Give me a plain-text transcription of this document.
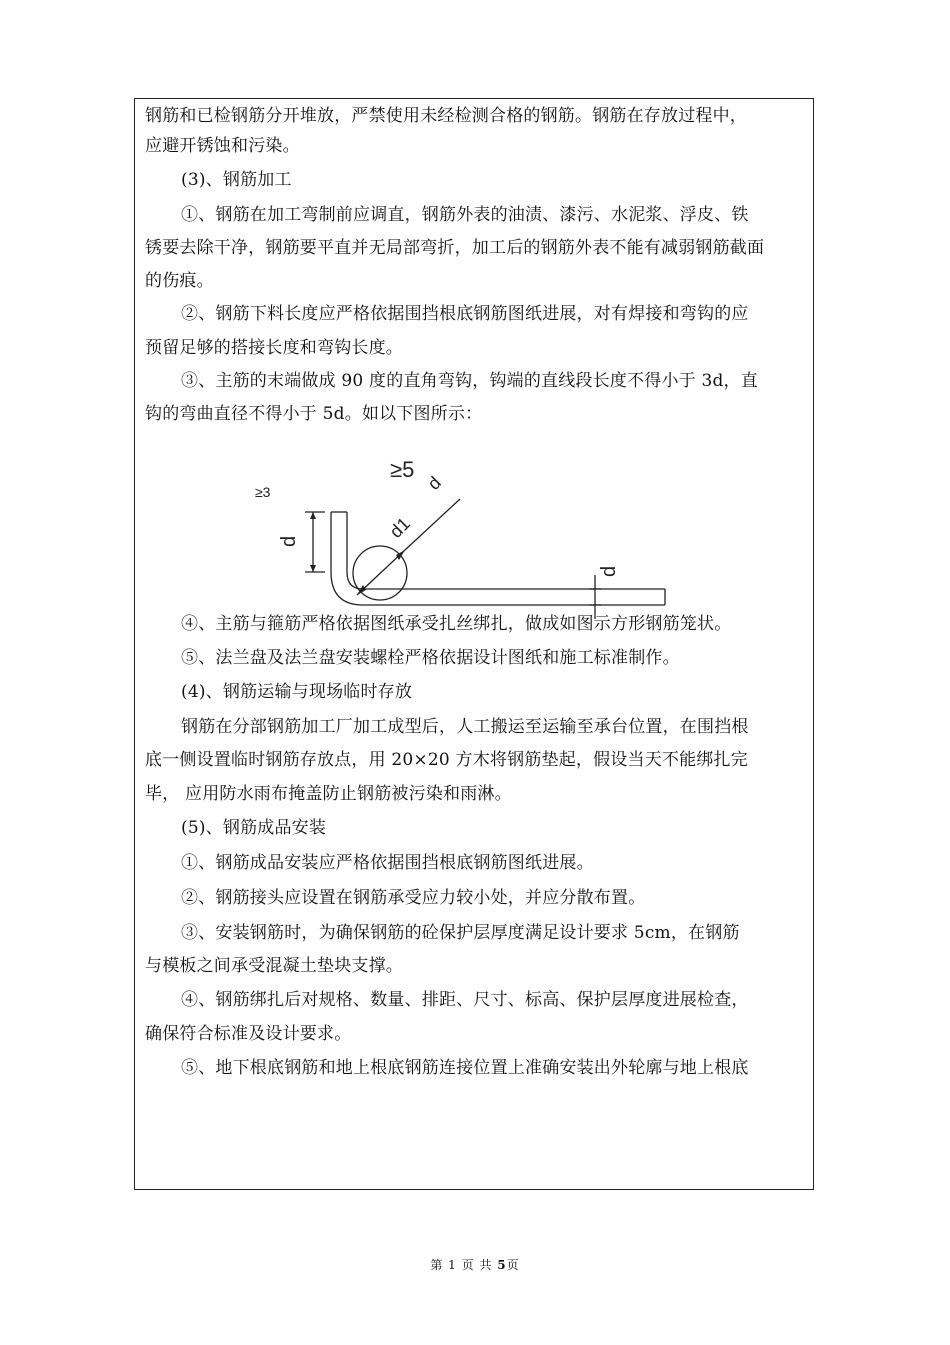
钢筋和已检钢筋分开堆放，严禁使用未经检测合格的钢筋。钢筋在存放过程中，
应避开锈蚀和污染。
(3)、钢筋加工
①、钢筋在加工弯制前应调直，钢筋外表的油渍、漆污、水泥浆、浮皮、铁
锈要去除干净，钢筋要平直并无局部弯折，加工后的钢筋外表不能有减弱钢筋截面
的伤痕。
②、钢筋下料长度应严格依据围挡根底钢筋图纸进展，对有焊接和弯钩的应
预留足够的搭接长度和弯钩长度。
③、主筋的末端做成 90 度的直角弯钩，钩端的直线段长度不得小于 3d，直
钩的弯曲直径不得小于 5d。如以下图所示：
≥5
≥3	d
d1
d
d
④、主筋与箍筋严格依据图纸承受扎丝绑扎，做成如图示方形钢筋笼状。
⑤、法兰盘及法兰盘安装螺栓严格依据设计图纸和施工标准制作。
(4)、钢筋运输与现场临时存放
钢筋在分部钢筋加工厂加工成型后，人工搬运至运输至承台位置，在围挡根
底一侧设置临时钢筋存放点，用 20×20 方木将钢筋垫起，假设当天不能绑扎完
毕， 应用防水雨布掩盖防止钢筋被污染和雨淋。
(5)、钢筋成品安装
①、钢筋成品安装应严格依据围挡根底钢筋图纸进展。
②、钢筋接头应设置在钢筋承受应力较小处，并应分散布置。
③、安装钢筋时，为确保钢筋的砼保护层厚度满足设计要求 5cm，在钢筋
与模板之间承受混凝土垫块支撑。
④、钢筋绑扎后对规格、数量、排距、尺寸、标高、保护层厚度进展检查，
确保符合标准及设计要求。
⑤、地下根底钢筋和地上根底钢筋连接位置上准确安装出外轮廓与地上根底
第 1 页 共 5页
